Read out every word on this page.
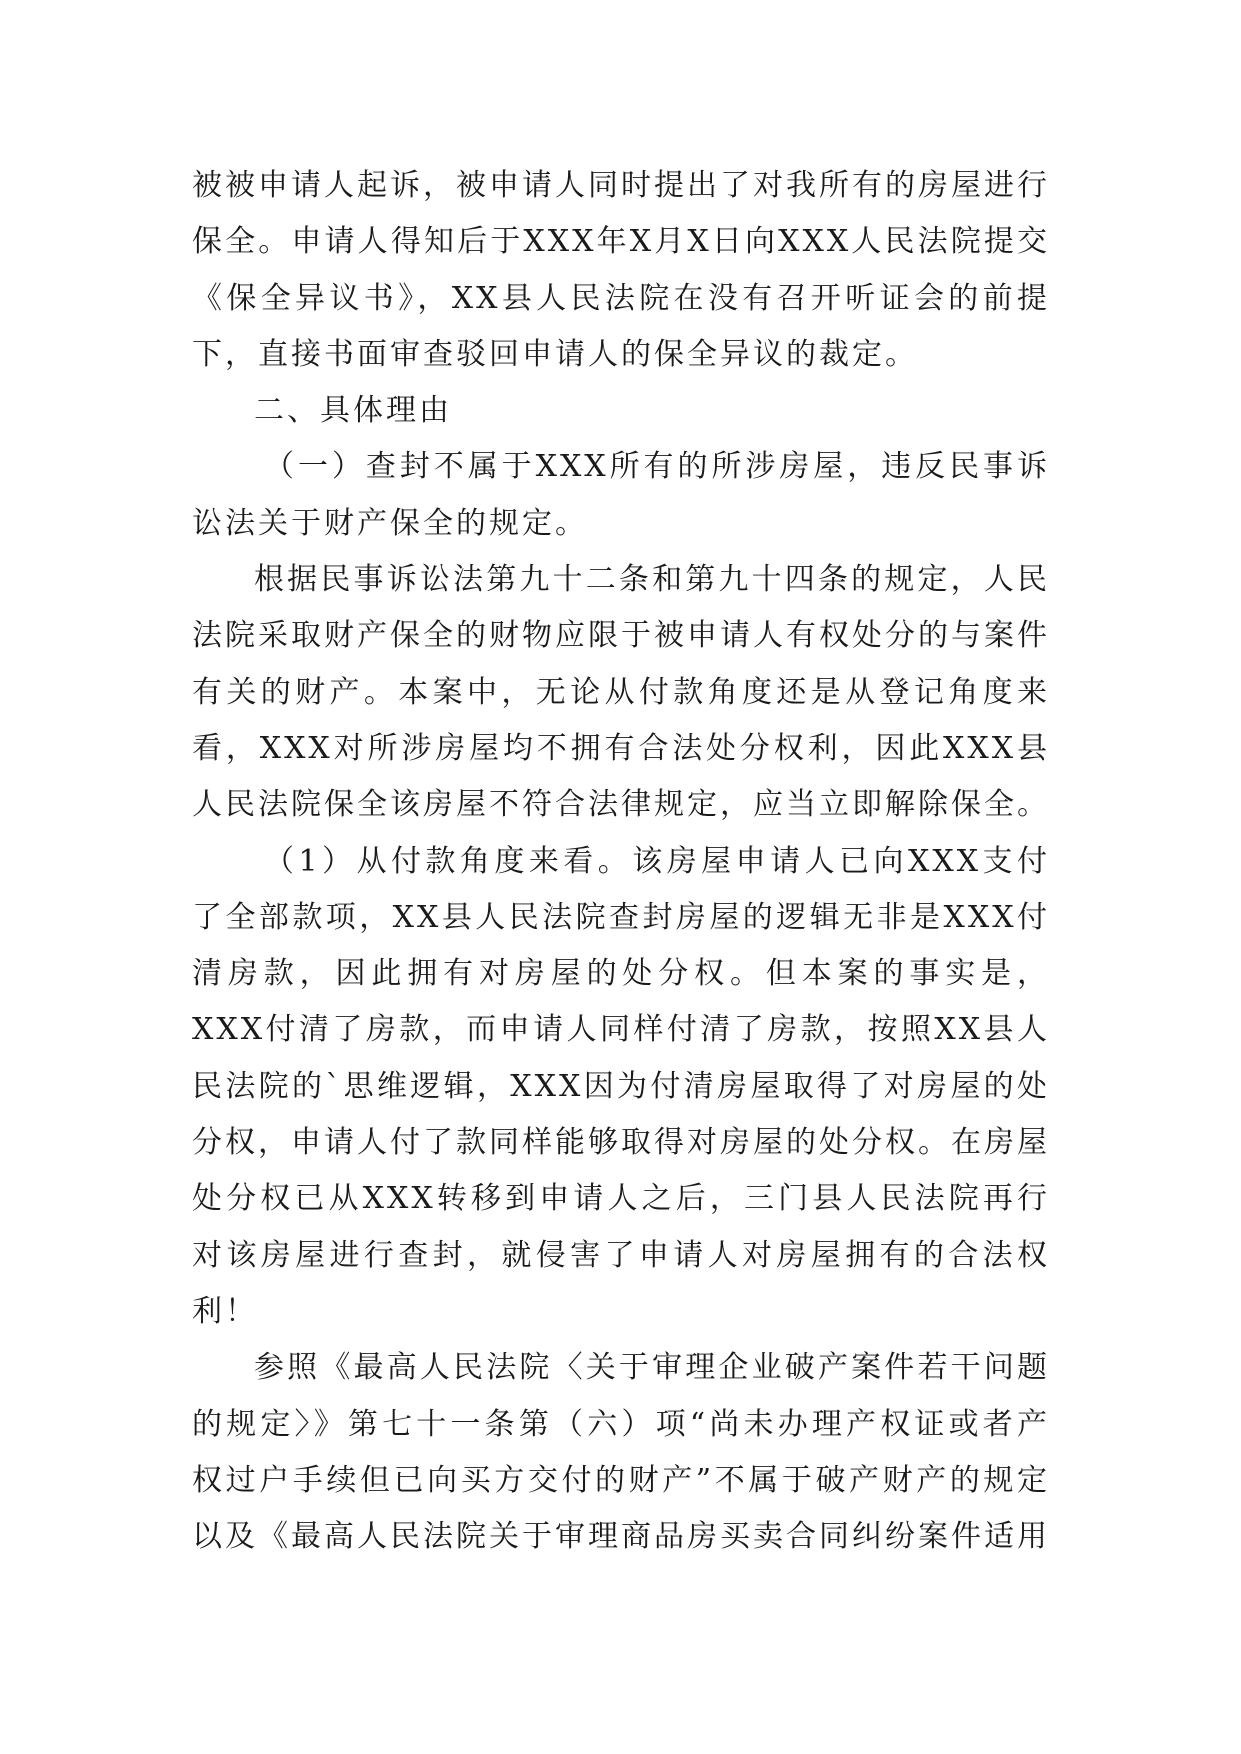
被被申请人起诉，被申请人同时提出了对我所有的房屋进行保全。申请人得知后于XXX年X月X日向XXX人民法院提交《保全异议书》，XX县人民法院在没有召开听证会的前提下，直接书面审查驳回申请人的保全异议的裁定。

二、具体理由

（一）查封不属于XXX所有的所涉房屋，违反民事诉讼法关于财产保全的规定。

根据民事诉讼法第九十二条和第九十四条的规定，人民法院采取财产保全的财物应限于被申请人有权处分的与案件有关的财产。本案中，无论从付款角度还是从登记角度来看，XXX对所涉房屋均不拥有合法处分权利，因此XXX县人民法院保全该房屋不符合法律规定，应当立即解除保全。

（1）从付款角度来看。该房屋申请人已向XXX支付了全部款项，XX县人民法院查封房屋的逻辑无非是XXX付清房款，因此拥有对房屋的处分权。但本案的事实是，XXX付清了房款，而申请人同样付清了房款，按照XX县人民法院的`思维逻辑，XXX因为付清房屋取得了对房屋的处分权，申请人付了款同样能够取得对房屋的处分权。在房屋处分权已从XXX转移到申请人之后，三门县人民法院再行对该房屋进行查封，就侵害了申请人对房屋拥有的合法权利！

参照《最高人民法院〈关于审理企业破产案件若干问题的规定〉》第七十一条第（六）项“尚未办理产权证或者产权过户手续但已向买方交付的财产”不属于破产财产的规定以及《最高人民法院关于审理商品房买卖合同纠纷案件适用
